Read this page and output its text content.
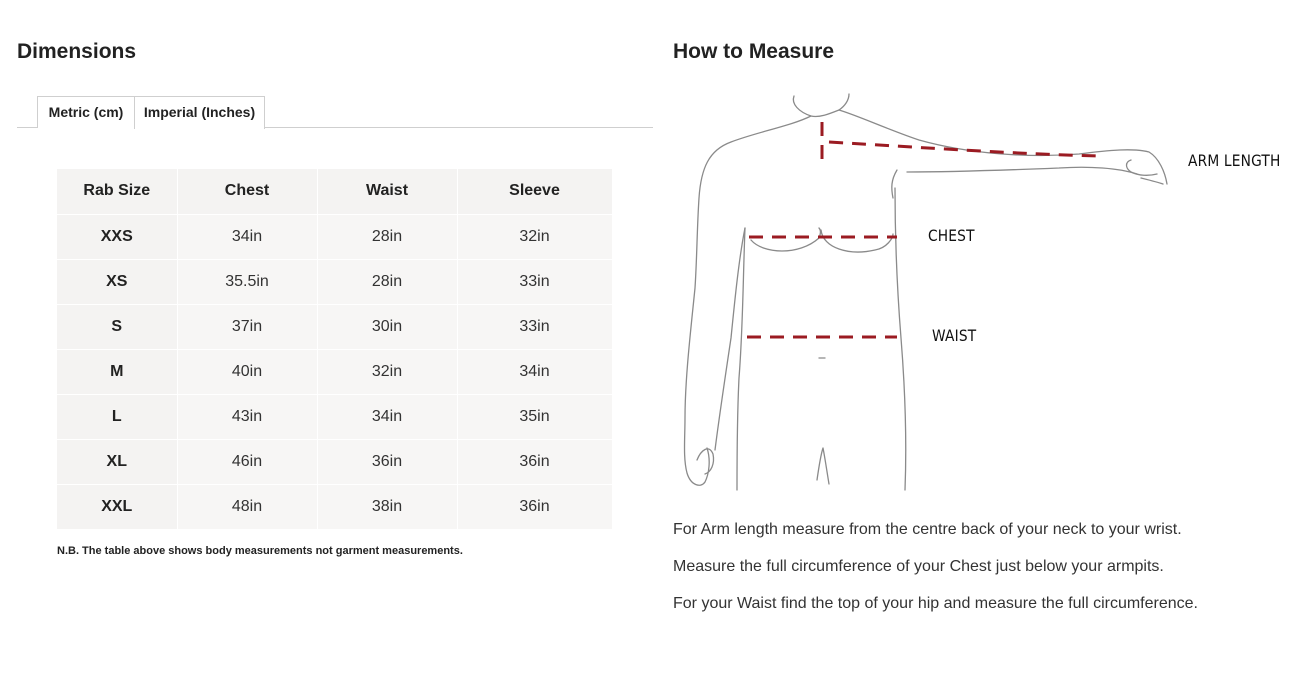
Dimensions
Metric (cm)	Imperial (Inches)
Rab Size	Chest	Waist	Sleeve
XXS	34in	28in	32in
XS	35.5in	28in	33in
S	37in	30in	33in
M	40in	32in	34in
L	43in	34in	35in
XL	46in	36in	36in
XXL	48in	38in	36in

N.B. The table above shows body measurements not garment measurements.

How to Measure
ARM LENGTH
CHEST
WAIST

For Arm length measure from the centre back of your neck to your wrist.

Measure the full circumference of your Chest just below your armpits.

For your Waist find the top of your hip and measure the full circumference.
